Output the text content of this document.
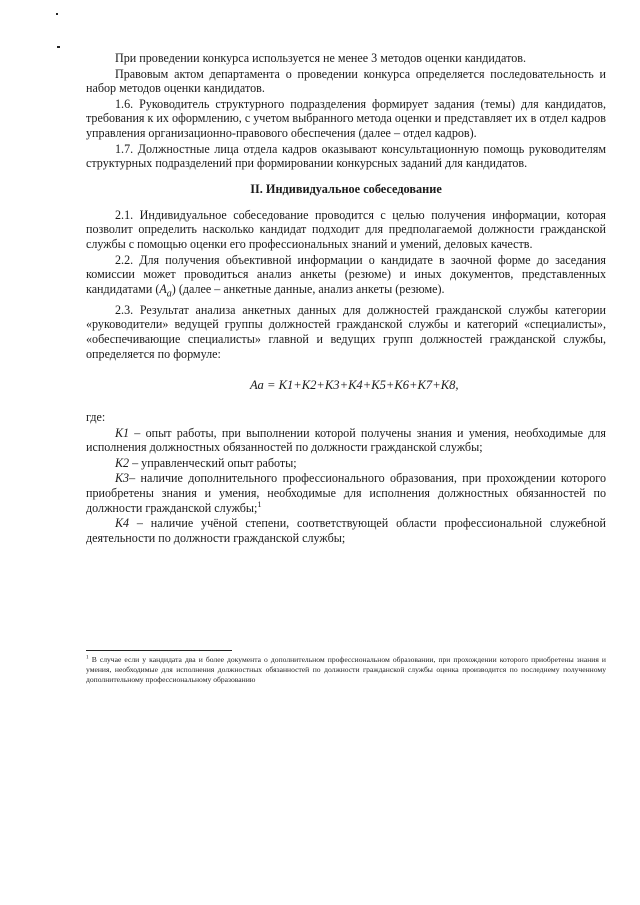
При проведении конкурса используется не менее 3 методов оценки кандидатов.

Правовым актом департамента о проведении конкурса определяется последовательность и набор методов оценки кандидатов.

1.6. Руководитель структурного подразделения формирует задания (темы) для кандидатов, требования к их оформлению, с учетом выбранного метода оценки и представляет их в отдел кадров управления организационно-правового обеспечения (далее – отдел кадров).

1.7. Должностные лица отдела кадров оказывают консультационную помощь руководителям структурных подразделений при формировании конкурсных заданий для кандидатов.

II. Индивидуальное собеседование

2.1. Индивидуальное собеседование проводится с целью получения информации, которая позволит определить насколько кандидат подходит для предполагаемой должности гражданской службы с помощью оценки его профессиональных знаний и умений, деловых качеств.

2.2. Для получения объективной информации о кандидате в заочной форме до заседания комиссии может проводиться анализ анкеты (резюме) и иных документов, представленных кандидатами $(А_а)$ (далее – анкетные данные, анализ анкеты (резюме).

2.3. Результат анализа анкетных данных для должностей гражданской службы категории «руководители» ведущей группы должностей гражданской службы и категорий «специалисты», «обеспечивающие специалисты» главной и ведущих групп должностей гражданской службы, определяется по формуле:

Аа = К1+К2+К3+К4+К5+К6+К7+К8,

где:

К1 – опыт работы, при выполнении которой получены знания и умения, необходимые для исполнения должностных обязанностей по должности гражданской службы;

К2 – управленческий опыт работы;

К3– наличие дополнительного профессионального образования, при прохождении которого приобретены знания и умения, необходимые для исполнения должностных обязанностей по должности гражданской службы;$^1$

К4 – наличие учёной степени, соответствующей области профессиональной служебной деятельности по должности гражданской службы;

$^1$ В случае если у кандидата два и более документа о дополнительном профессиональном образовании, при прохождении которого приобретены знания и умения, необходимые для исполнения должностных обязанностей по должности гражданской службы оценка производится по последнему полученному дополнительному профессиональному образованию
